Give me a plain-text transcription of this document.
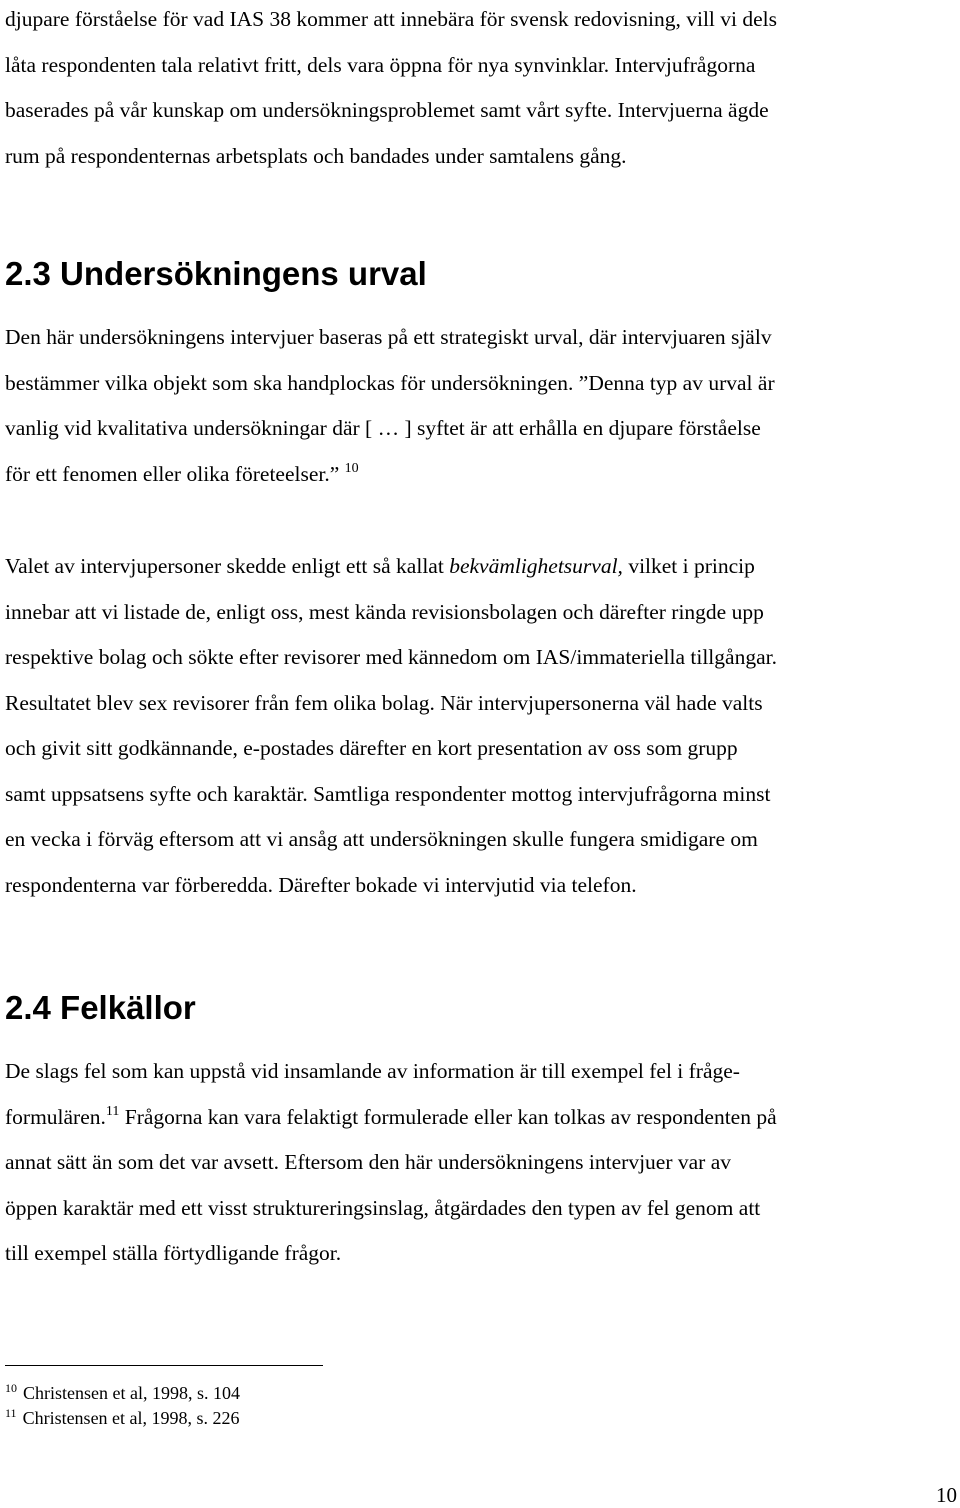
djupare förståelse för vad IAS 38 kommer att innebära för svensk redovisning, vill vi dels
låta respondenten tala relativt fritt, dels vara öppna för nya synvinklar. Intervjufrågorna
baserades på vår kunskap om undersökningsproblemet samt vårt syfte. Intervjuerna ägde
rum på respondenternas arbetsplats och bandades under samtalens gång.
2.3 Undersökningens urval
Den här undersökningens intervjuer baseras på ett strategiskt urval, där intervjuaren själv
bestämmer vilka objekt som ska handplockas för undersökningen. ”Denna typ av urval är
vanlig vid kvalitativa undersökningar där [ … ] syftet är att erhålla en djupare förståelse
för ett fenomen eller olika företeelser.” $^{10}$
Valet av intervjupersoner skedde enligt ett så kallat bekvämlighetsurval, vilket i princip
innebar att vi listade de, enligt oss, mest kända revisionsbolagen och därefter ringde upp
respektive bolag och sökte efter revisorer med kännedom om IAS/immateriella tillgångar.
Resultatet blev sex revisorer från fem olika bolag. När intervjupersonerna väl hade valts
och givit sitt godkännande, e-postades därefter en kort presentation av oss som grupp
samt uppsatsens syfte och karaktär. Samtliga respondenter mottog intervjufrågorna minst
en vecka i förväg eftersom att vi ansåg att undersökningen skulle fungera smidigare om
respondenterna var förberedda. Därefter bokade vi intervjutid via telefon.
2.4 Felkällor
De slags fel som kan uppstå vid insamlande av information är till exempel fel i fråge-
formulären.$^{11}$ Frågorna kan vara felaktigt formulerade eller kan tolkas av respondenten på
annat sätt än som det var avsett. Eftersom den här undersökningens intervjuer var av
öppen karaktär med ett visst struktureringsinslag, åtgärdades den typen av fel genom att
till exempel ställa förtydligande frågor.
$^{10}$ Christensen et al, 1998, s. 104
$^{11}$ Christensen et al, 1998, s. 226
10
